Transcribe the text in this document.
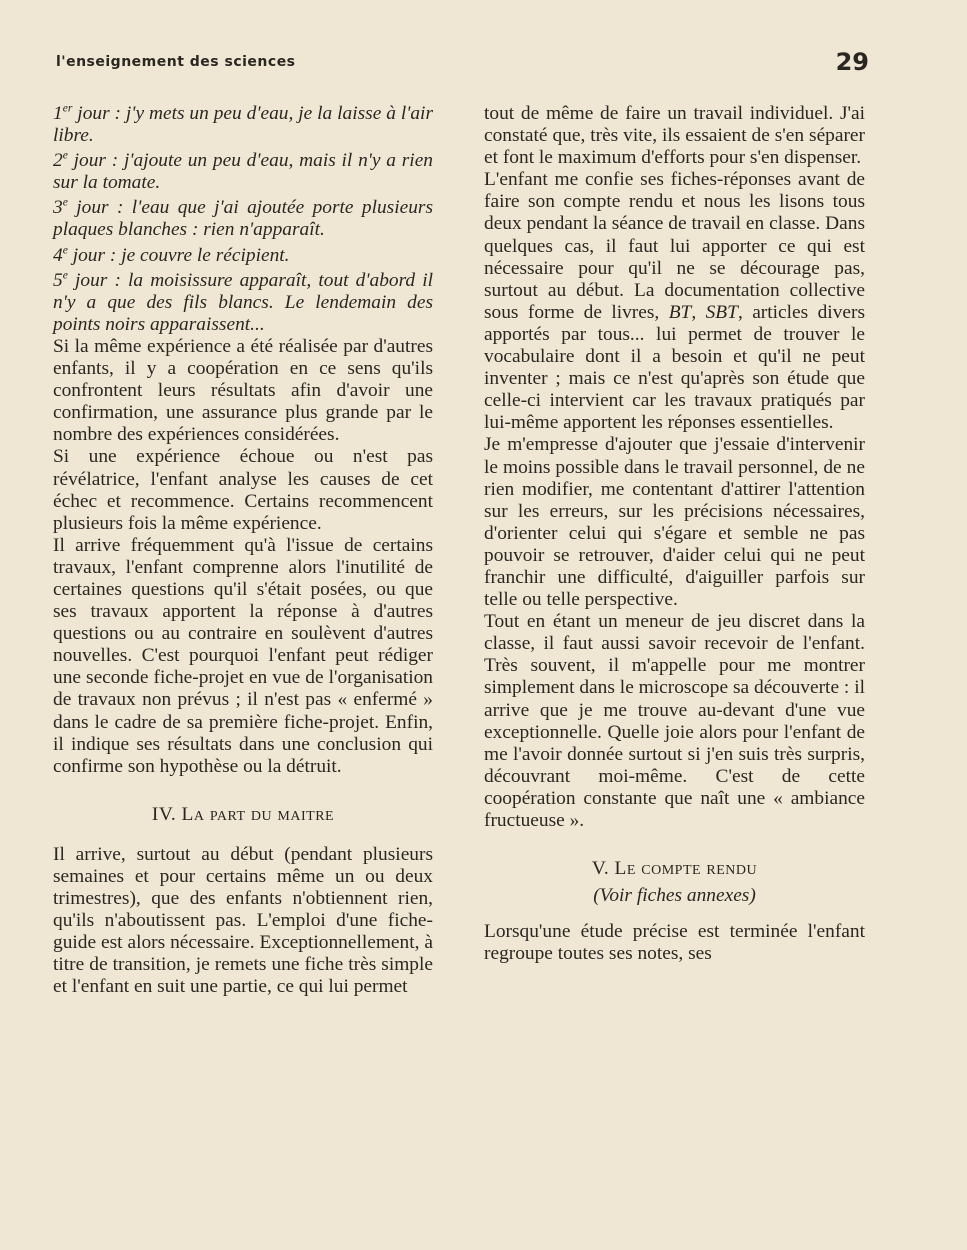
l'enseignement des sciences	29

1er jour : j'y mets un peu d'eau, je la laisse à l'air libre.

2e jour : j'ajoute un peu d'eau, mais il n'y a rien sur la tomate.

3e jour : l'eau que j'ai ajoutée porte plusieurs plaques blanches : rien n'apparaît.

4e jour : je couvre le récipient.

5e jour : la moisissure apparaît, tout d'abord il n'y a que des fils blancs. Le lendemain des points noirs apparaissent...

Si la même expérience a été réalisée par d'autres enfants, il y a coopération en ce sens qu'ils confrontent leurs résultats afin d'avoir une confirmation, une assurance plus grande par le nombre des expériences considérées.

Si une expérience échoue ou n'est pas révélatrice, l'enfant analyse les causes de cet échec et recommence. Certains recommencent plusieurs fois la même expérience.

Il arrive fréquemment qu'à l'issue de certains travaux, l'enfant comprenne alors l'inutilité de certaines questions qu'il s'était posées, ou que ses travaux apportent la réponse à d'autres questions ou au contraire en soulèvent d'autres nouvelles. C'est pourquoi l'enfant peut rédiger une seconde fiche-projet en vue de l'organisation de travaux non prévus ; il n'est pas « enfermé » dans le cadre de sa première fiche-projet. Enfin, il indique ses résultats dans une conclusion qui confirme son hypothèse ou la détruit.

IV. La part du maitre

Il arrive, surtout au début (pendant plusieurs semaines et pour certains même un ou deux trimestres), que des enfants n'obtiennent rien, qu'ils n'aboutissent pas. L'emploi d'une fiche-guide est alors nécessaire. Exceptionnellement, à titre de transition, je remets une fiche très simple et l'enfant en suit une partie, ce qui lui permet

tout de même de faire un travail individuel. J'ai constaté que, très vite, ils essaient de s'en séparer et font le maximum d'efforts pour s'en dispenser.

L'enfant me confie ses fiches-réponses avant de faire son compte rendu et nous les lisons tous deux pendant la séance de travail en classe. Dans quelques cas, il faut lui apporter ce qui est nécessaire pour qu'il ne se décourage pas, surtout au début. La documentation collective sous forme de livres, BT, SBT, articles divers apportés par tous... lui permet de trouver le vocabulaire dont il a besoin et qu'il ne peut inventer ; mais ce n'est qu'après son étude que celle-ci intervient car les travaux pratiqués par lui-même apportent les réponses essentielles.

Je m'empresse d'ajouter que j'essaie d'intervenir le moins possible dans le travail personnel, de ne rien modifier, me contentant d'attirer l'attention sur les erreurs, sur les précisions nécessaires, d'orienter celui qui s'égare et semble ne pas pouvoir se retrouver, d'aider celui qui ne peut franchir une difficulté, d'aiguiller parfois sur telle ou telle perspective.

Tout en étant un meneur de jeu discret dans la classe, il faut aussi savoir recevoir de l'enfant. Très souvent, il m'appelle pour me montrer simplement dans le microscope sa découverte : il arrive que je me trouve au-devant d'une vue exceptionnelle. Quelle joie alors pour l'enfant de me l'avoir donnée surtout si j'en suis très surpris, découvrant moi-même. C'est de cette coopération constante que naît une « ambiance fructueuse ».

V. Le compte rendu

(Voir fiches annexes)

Lorsqu'une étude précise est terminée l'enfant regroupe toutes ses notes, ses
